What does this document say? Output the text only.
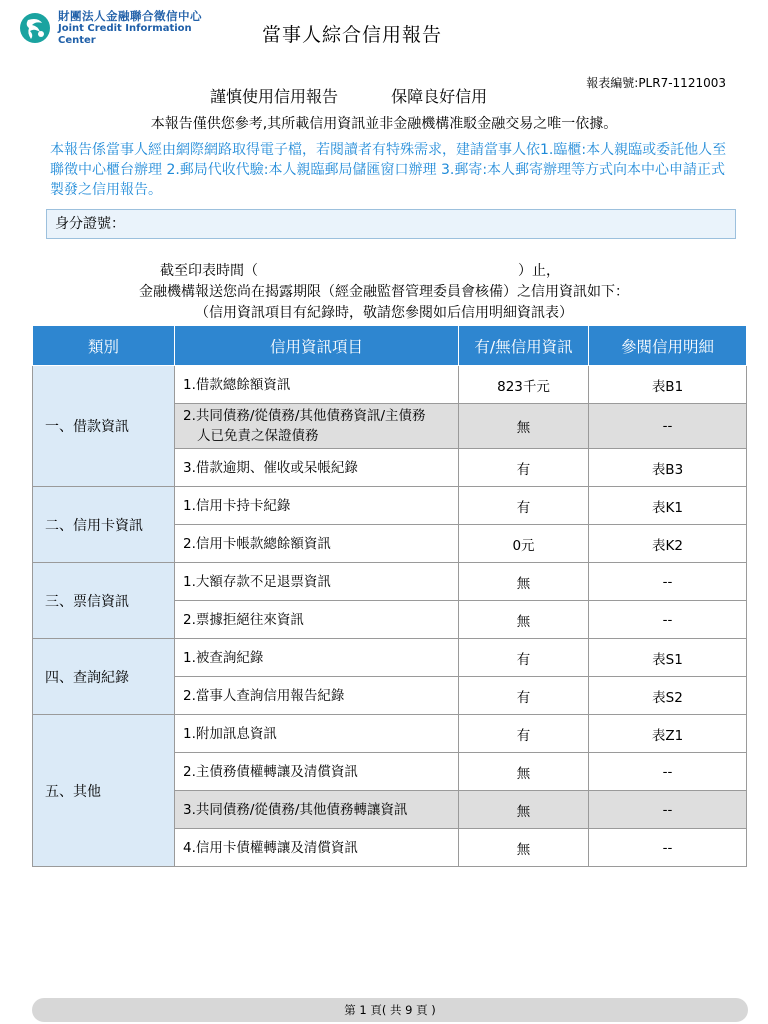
財團法人金融聯合徵信中心
Joint Credit Information Center	當事人綜合信用報告
報表編號:PLR7-1121003
謹慎使用信用報告	保障良好信用
本報告僅供您參考,其所載信用資訊並非金融機構准駁金融交易之唯一依據。
本報告係當事人經由網際網路取得電子檔，若閱讀者有特殊需求，建請當事人依1.臨櫃:本人親臨或委託他人至聯徵中心櫃台辦理 2.郵局代收代驗:本人親臨郵局儲匯窗口辦理 3.郵寄:本人郵寄辦理等方式向本中心申請正式製發之信用報告。
身分證號：
截至印表時間（	）止，
金融機構報送您尚在揭露期限（經金融監督管理委員會核備）之信用資訊如下：
（信用資訊項目有紀錄時，敬請您參閱如后信用明細資訊表）
類別	信用資訊項目	有/無信用資訊	參閱信用明細
一、借款資訊	1.借款總餘額資訊	823千元	表B1

	2.共同債務/從債務/其他債務資訊/主債務
人已免責之保證債務	無	--
	3.借款逾期、催收或呆帳紀錄	有	表B3
二、信用卡資訊	1.信用卡持卡紀錄	有	表K1
	2.信用卡帳款總餘額資訊	0元	表K2
三、票信資訊	1.大額存款不足退票資訊	無	--
	2.票據拒絕往來資訊	無	--
四、查詢紀錄	1.被查詢紀錄	有	表S1
	2.當事人查詢信用報告紀錄	有	表S2
五、其他	1.附加訊息資訊	有	表Z1
	2.主債務債權轉讓及清償資訊	無	--
	3.共同債務/從債務/其他債務轉讓資訊	無	--
	4.信用卡債權轉讓及清償資訊	無	--
第 1 頁( 共 9 頁 )
